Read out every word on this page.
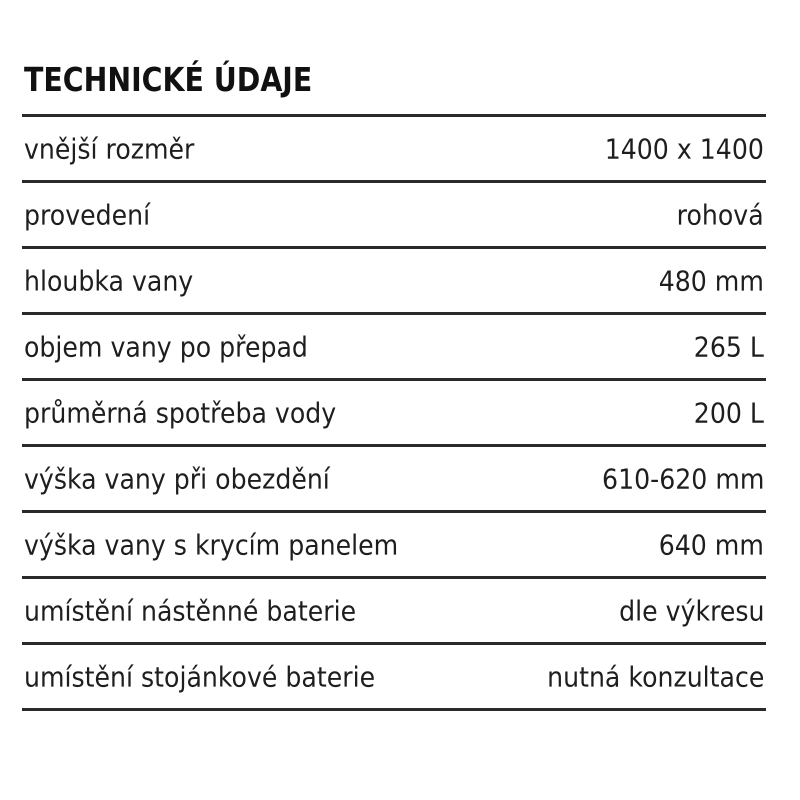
TECHNICKÉ ÚDAJE
vnější rozměr	1400 x 1400
provedení	rohová
hloubka vany	480 mm
objem vany po přepad	265 L
průměrná spotřeba vody	200 L
výška vany při obezdění	610-620 mm
výška vany s krycím panelem	640 mm
umístění nástěnné baterie	dle výkresu
umístění stojánkové baterie	nutná konzultace
